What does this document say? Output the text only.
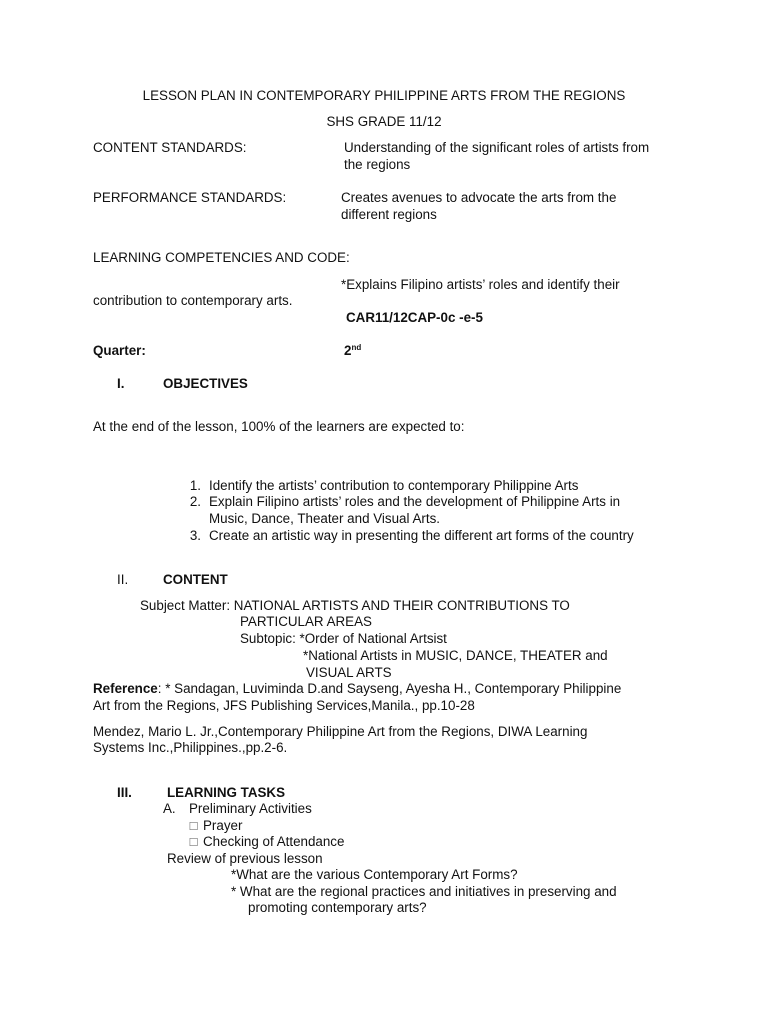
LESSON PLAN IN CONTEMPORARY PHILIPPINE ARTS FROM THE REGIONS
SHS GRADE 11/12
CONTENT STANDARDS:	Understanding of the significant roles of artists from
the regions
PERFORMANCE STANDARDS:	Creates avenues to advocate the arts from the
different regions
LEARNING COMPETENCIES AND CODE:
*Explains Filipino artists’ roles and identify their
contribution to contemporary arts.
CAR11/12CAP-0c -e-5
Quarter:	2nd
I.	OBJECTIVES
At the end of the lesson, 100% of the learners are expected to:
1. Identify the artists’ contribution to contemporary Philippine Arts
2. Explain Filipino artists’ roles and the development of Philippine Arts in
Music, Dance, Theater and Visual Arts.
3. Create an artistic way in presenting the different art forms of the country
II.	CONTENT
Subject Matter: NATIONAL ARTISTS AND THEIR CONTRIBUTIONS TO
PARTICULAR AREAS
Subtopic: *Order of National Artsist
*National Artists in MUSIC, DANCE, THEATER and
VISUAL ARTS
Reference: * Sandagan, Luviminda D.and Sayseng, Ayesha H., Contemporary Philippine
Art from the Regions, JFS Publishing Services,Manila., pp.10-28
Mendez, Mario L. Jr.,Contemporary Philippine Art from the Regions, DIWA Learning
Systems Inc.,Philippines.,pp.2-6.
III.	LEARNING TASKS
A. Preliminary Activities
☐ Prayer
☐ Checking of Attendance
Review of previous lesson
*What are the various Contemporary Art Forms?
* What are the regional practices and initiatives in preserving and
promoting contemporary arts?
